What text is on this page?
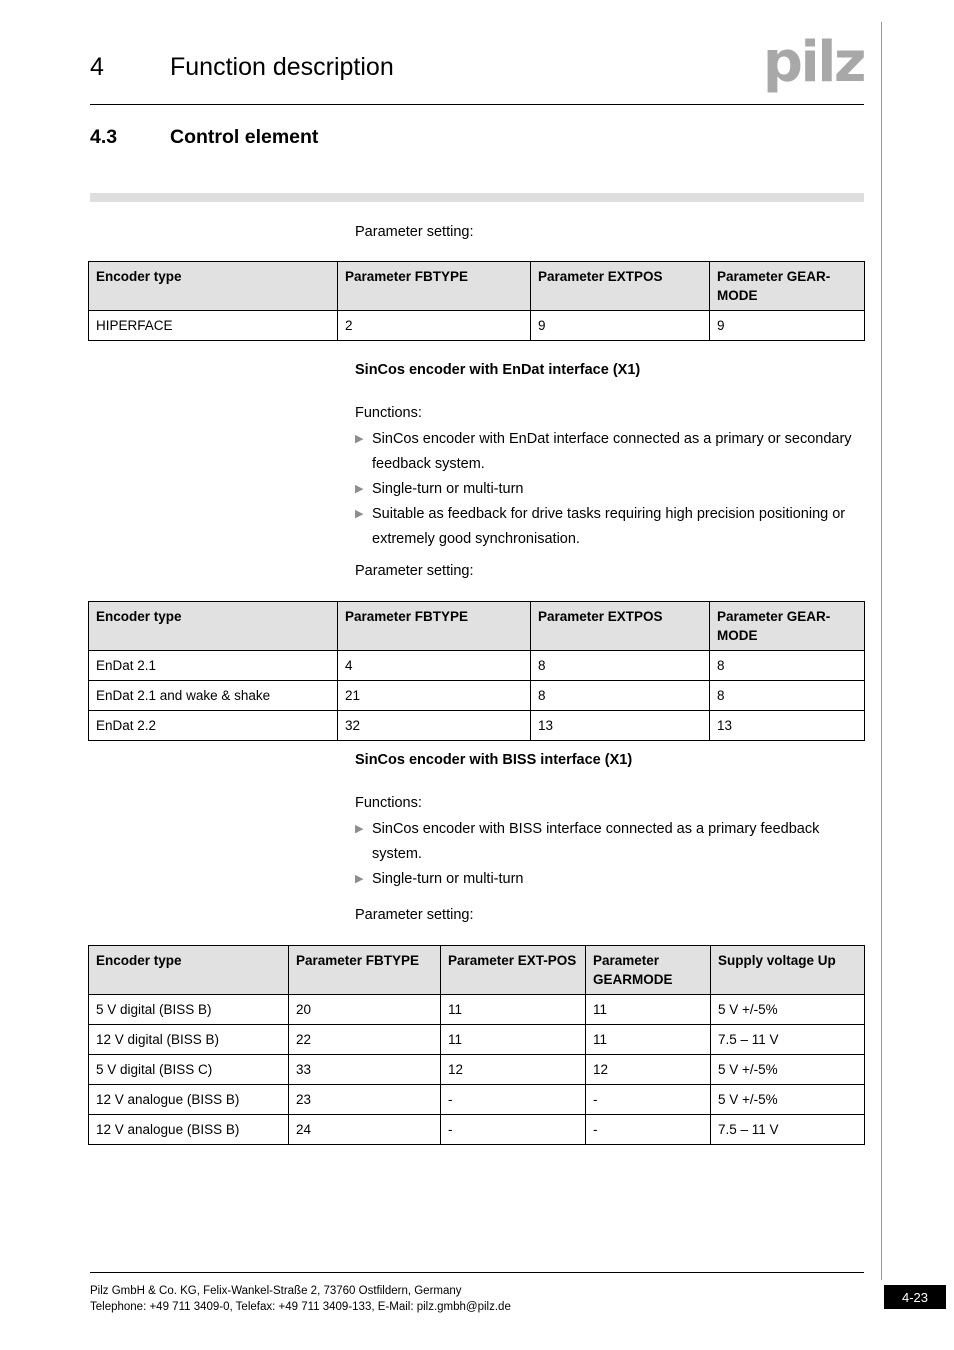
4	Function description	pilz
4.3	Control element
Parameter setting:
Encoder type	Parameter FBTYPE	Parameter EXTPOS	Parameter GEAR-MODE
HIPERFACE	2	9	9
SinCos encoder with EnDat interface (X1)
Functions:
▶ SinCos encoder with EnDat interface connected as a primary or secondary feedback system.
▶ Single-turn or multi-turn
▶ Suitable as feedback for drive tasks requiring high precision positioning or extremely good synchronisation.
Parameter setting:
Encoder type	Parameter FBTYPE	Parameter EXTPOS	Parameter GEAR-MODE
EnDat 2.1	4	8	8
EnDat 2.1 and wake & shake	21	8	8
EnDat 2.2	32	13	13
SinCos encoder with BISS interface (X1)
Functions:
▶ SinCos encoder with BISS interface connected as a primary feedback system.
▶ Single-turn or multi-turn
Parameter setting:
Encoder type	Parameter FBTYPE	Parameter EXT-POS	Parameter GEARMODE	Supply voltage Up
5 V digital (BISS B)	20	11	11	5 V +/-5%
12 V digital (BISS B)	22	11	11	7.5 – 11 V
5 V digital (BISS C)	33	12	12	5 V +/-5%
12 V analogue (BISS B)	23	-	-	5 V +/-5%
12 V analogue (BISS B)	24	-	-	7.5 – 11 V
Pilz GmbH & Co. KG, Felix-Wankel-Straße 2, 73760 Ostfildern, Germany
Telephone: +49 711 3409-0, Telefax: +49 711 3409-133, E-Mail: pilz.gmbh@pilz.de
4-23
